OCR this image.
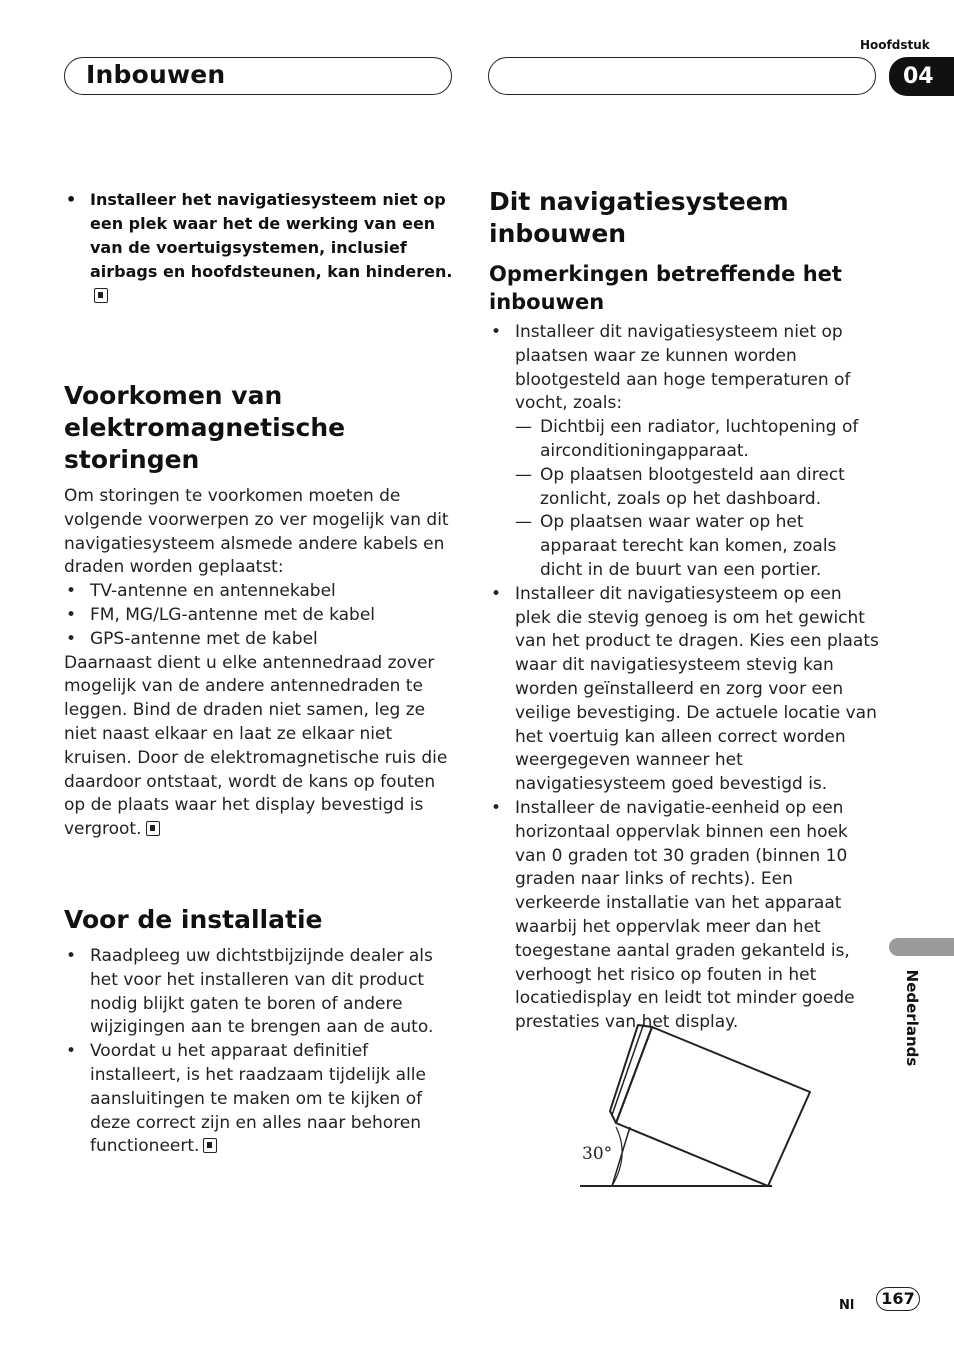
Inbouwen
Hoofdstuk
04
Nederlands
• Installeer het navigatiesysteem niet op een plek waar het de werking van een van de voertuigsystemen, inclusief airbags en hoofdsteunen, kan hinderen.
Voorkomen van elektromagnetische storingen
Om storingen te voorkomen moeten de volgende voorwerpen zo ver mogelijk van dit navigatiesysteem alsmede andere kabels en draden worden geplaatst:
• TV-antenne en antennekabel
• FM, MG/LG-antenne met de kabel
• GPS-antenne met de kabel
Daarnaast dient u elke antennedraad zover mogelijk van de andere antennedraden te leggen. Bind de draden niet samen, leg ze niet naast elkaar en laat ze elkaar niet kruisen. Door de elektromagnetische ruis die daardoor ontstaat, wordt de kans op fouten op de plaats waar het display bevestigd is vergroot.
Voor de installatie
• Raadpleeg uw dichtstbijzijnde dealer als het voor het installeren van dit product nodig blijkt gaten te boren of andere wijzigingen aan te brengen aan de auto.
• Voordat u het apparaat definitief installeert, is het raadzaam tijdelijk alle aansluitingen te maken om te kijken of deze correct zijn en alles naar behoren functioneert.
Dit navigatiesysteem inbouwen
Opmerkingen betreffende het inbouwen
• Installeer dit navigatiesysteem niet op plaatsen waar ze kunnen worden blootgesteld aan hoge temperaturen of vocht, zoals:
— Dichtbij een radiator, luchtopening of airconditioningapparaat.
— Op plaatsen blootgesteld aan direct zonlicht, zoals op het dashboard.
— Op plaatsen waar water op het apparaat terecht kan komen, zoals dicht in de buurt van een portier.
• Installeer dit navigatiesysteem op een plek die stevig genoeg is om het gewicht van het product te dragen. Kies een plaats waar dit navigatiesysteem stevig kan worden geïnstalleerd en zorg voor een veilige bevestiging. De actuele locatie van het voertuig kan alleen correct worden weergegeven wanneer het navigatiesysteem goed bevestigd is.
• Installeer de navigatie-eenheid op een horizontaal oppervlak binnen een hoek van 0 graden tot 30 graden (binnen 10 graden naar links of rechts). Een verkeerde installatie van het apparaat waarbij het oppervlak meer dan het toegestane aantal graden gekanteld is, verhoogt het risico op fouten in het locatiedisplay en leidt tot minder goede prestaties van het display.
30°
Nl	167
